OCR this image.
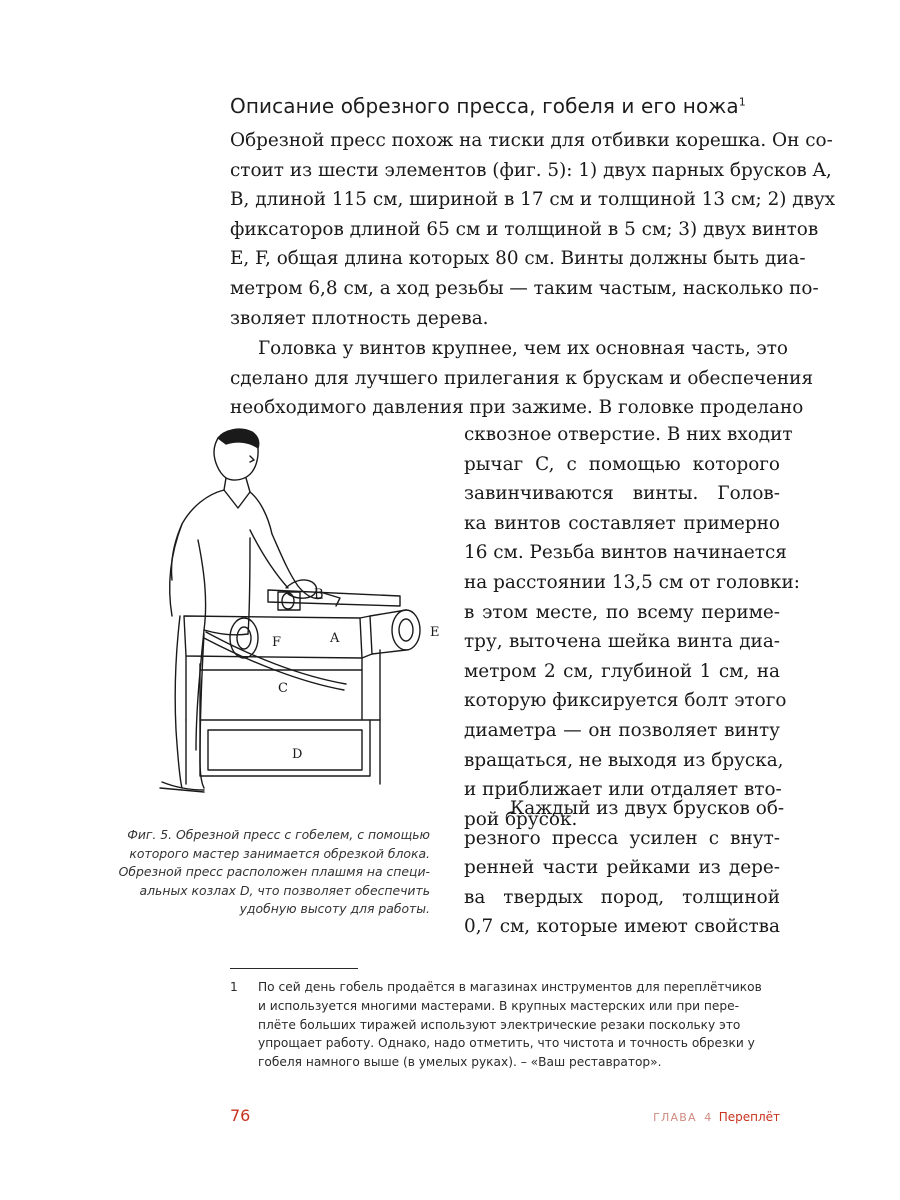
Описание обрезного пресса, гобеля и его ножа$^1$
Обрезной пресс похож на тиски для отбивки корешка. Он со-
стоит из шести элементов (фиг. 5): 1) двух парных брусков A,
B, длиной 115 см, шириной в 17 см и толщиной 13 см; 2) двух
фиксаторов длиной 65 см и толщиной в 5 см; 3) двух винтов
E, F, общая длина которых 80 см. Винты должны быть диа-
метром 6,8 см, а ход резьбы — таким частым, насколько по-
зволяет плотность дерева.
Головка у винтов крупнее, чем их основная часть, это
сделано для лучшего прилегания к брускам и обеспечения
необходимого давления при зажиме. В головке проделано
сквозное отверстие. В них входит
рычаг C, с помощью которого
завинчиваются винты. Голов-
ка винтов составляет примерно
16 см. Резьба винтов начинается
на расстоянии 13,5 см от головки:
в этом месте, по всему периме-
тру, выточена шейка винта диа-
метром 2 см, глубиной 1 см, на
которую фиксируется болт этого
диаметра — он позволяет винту
вращаться, не выходя из бруска,
и приближает или отдаляет вто-
рой брусок.
Каждый из двух брусков об-
резного пресса усилен с внут-
ренней части рейками из дере-
ва твердых пород, толщиной
0,7 см, которые имеют свойства
B
A
F
E
C
D
Фиг. 5. Обрезной пресс с гобелем, с помощью
которого мастер занимается обрезкой блока.
Обрезной пресс расположен плашмя на специ-
альных козлах D, что позволяет обеспечить
удобную высоту для работы.
1 По сей день гобель продаётся в магазинах инструментов для переплётчиков
и используется многими мастерами. В крупных мастерских или при пере-
плёте больших тиражей используют электрические резаки поскольку это
упрощает работу. Однако, надо отметить, что чистота и точность обрезки у
гобеля намного выше (в умелых руках). – «Ваш реставратор».
76	ГЛАВА 4 Переплёт
